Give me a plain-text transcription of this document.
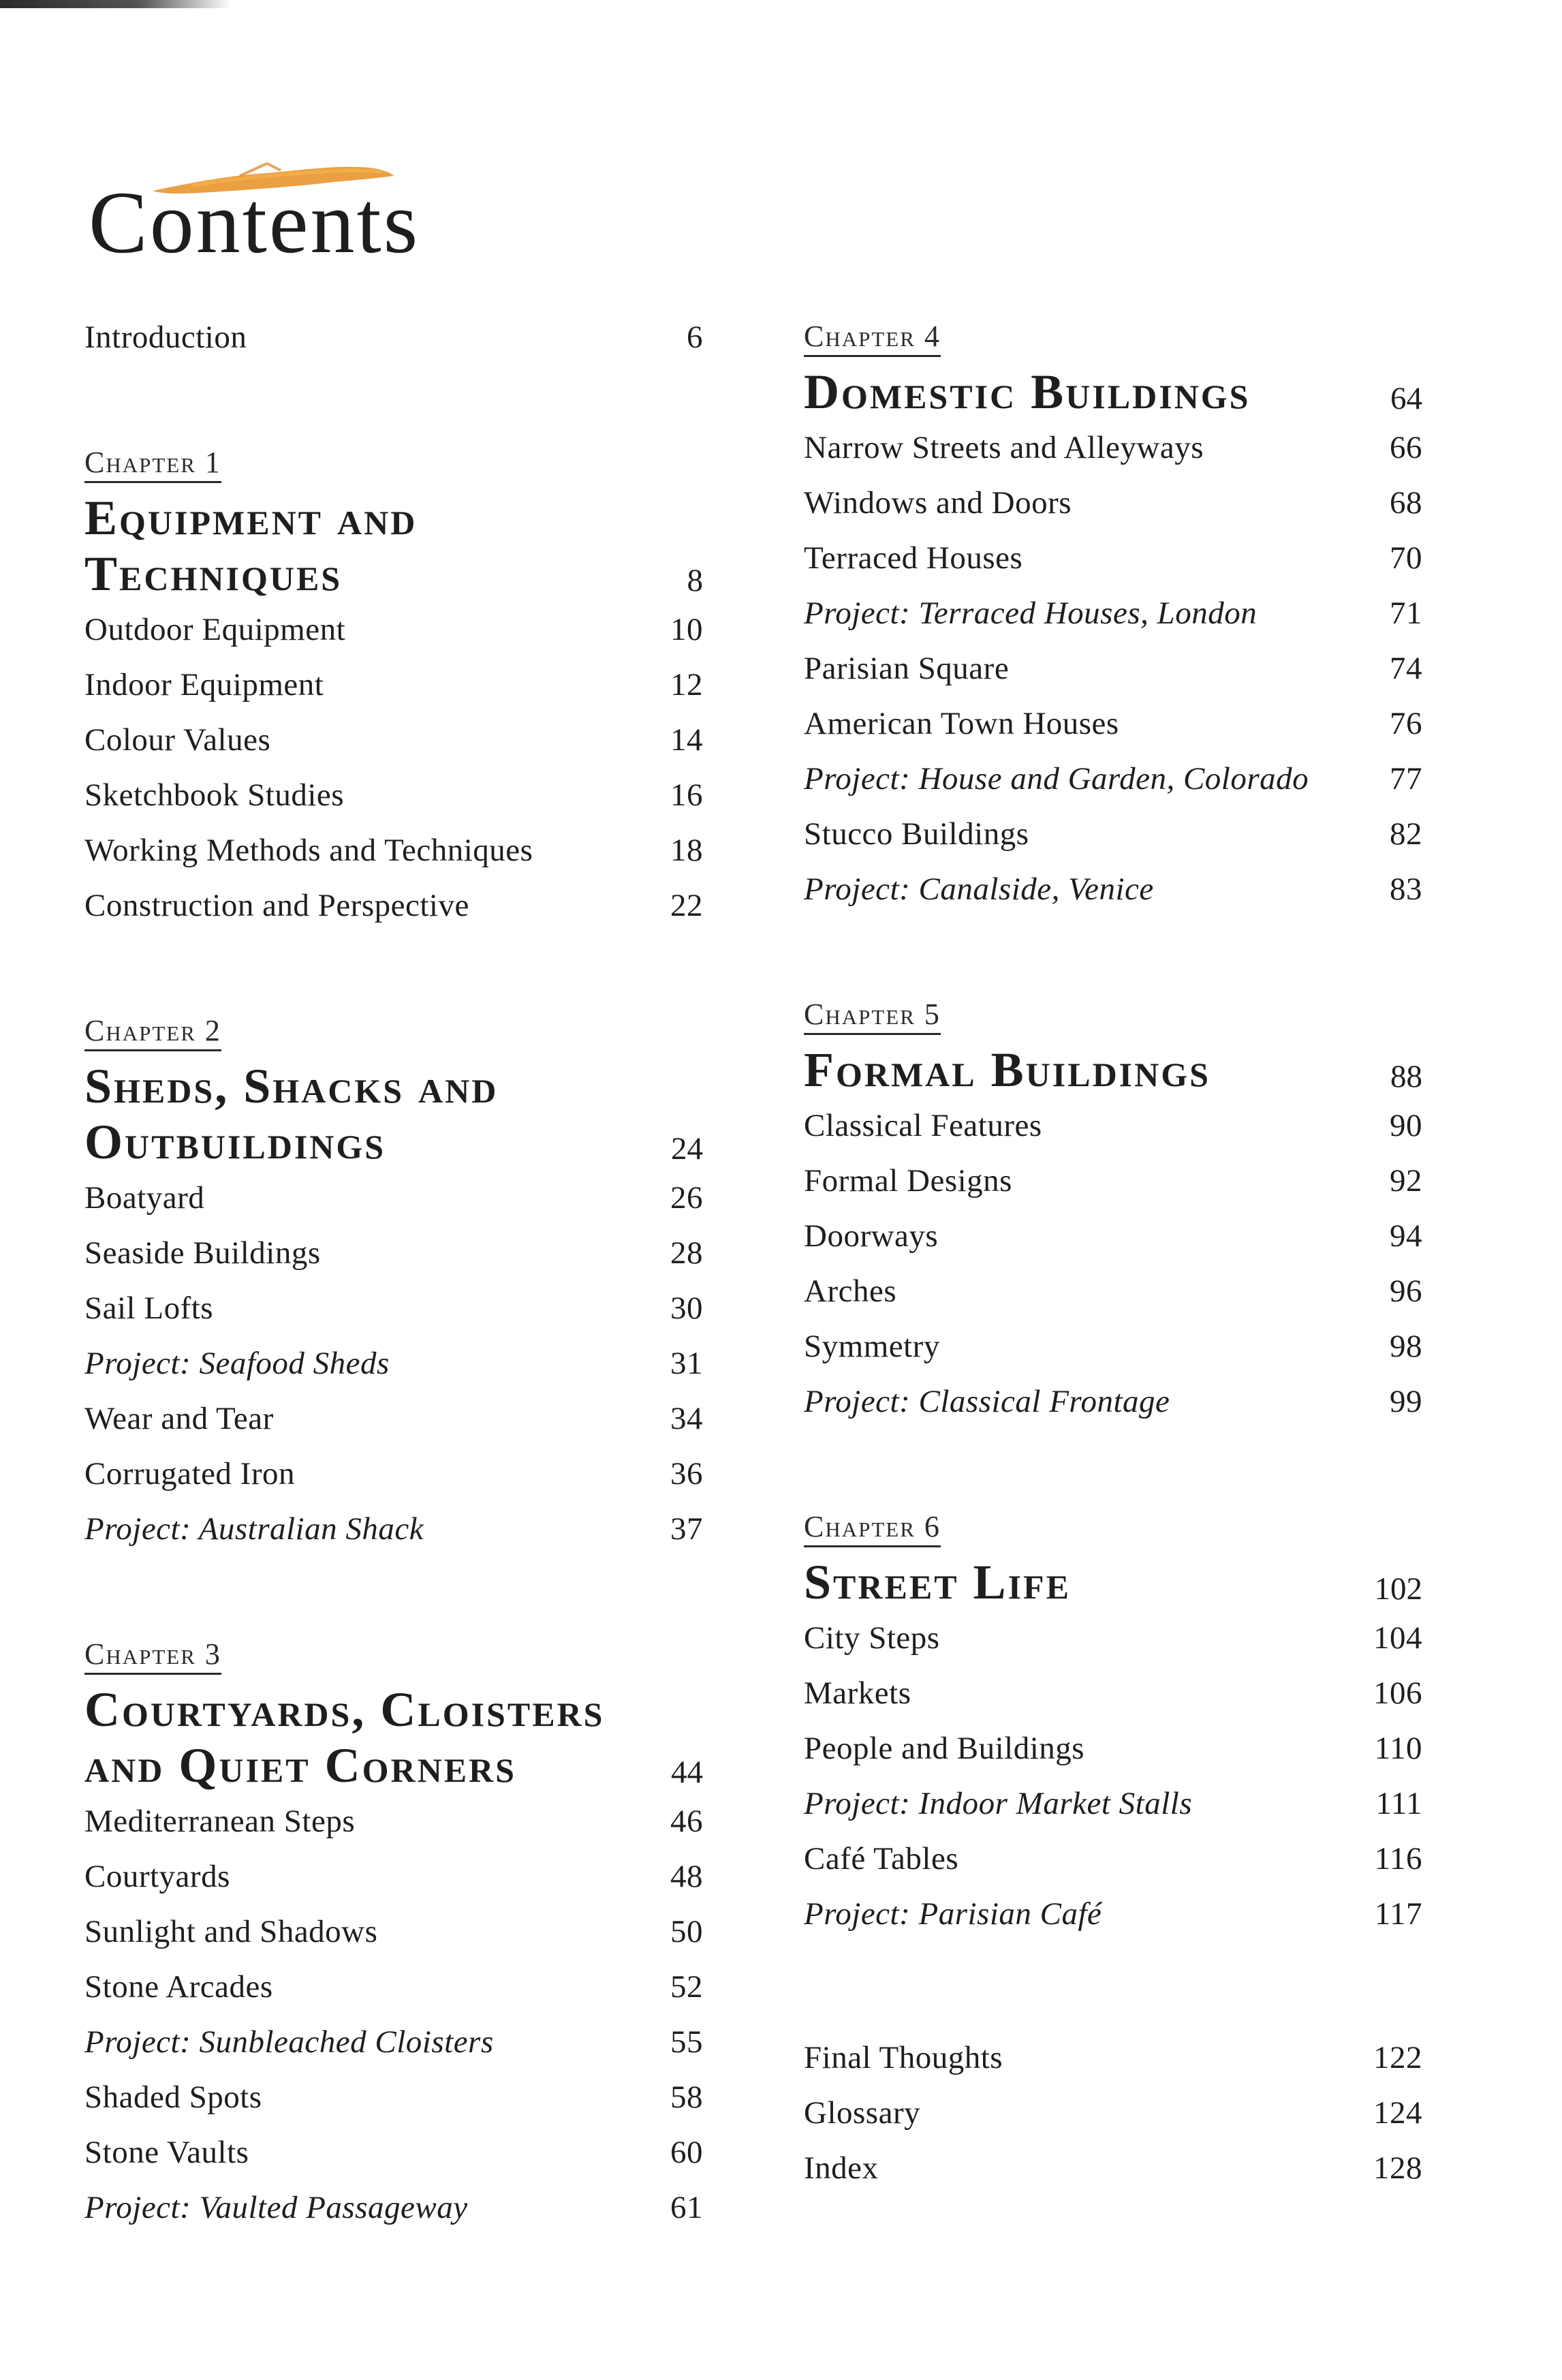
Contents
Introduction	6
Chapter 1
Equipment and
Techniques	8
Outdoor Equipment	10
Indoor Equipment	12
Colour Values	14
Sketchbook Studies	16
Working Methods and Techniques	18
Construction and Perspective	22
Chapter 2
Sheds, Shacks and
Outbuildings	24
Boatyard	26
Seaside Buildings	28
Sail Lofts	30
Project: Seafood Sheds	31
Wear and Tear	34
Corrugated Iron	36
Project: Australian Shack	37
Chapter 3
Courtyards, Cloisters
and Quiet Corners	44
Mediterranean Steps	46
Courtyards	48
Sunlight and Shadows	50
Stone Arcades	52
Project: Sunbleached Cloisters	55
Shaded Spots	58
Stone Vaults	60
Project: Vaulted Passageway	61
Chapter 4
Domestic Buildings	64
Narrow Streets and Alleyways	66
Windows and Doors	68
Terraced Houses	70
Project: Terraced Houses, London	71
Parisian Square	74
American Town Houses	76
Project: House and Garden, Colorado	77
Stucco Buildings	82
Project: Canalside, Venice	83
Chapter 5
Formal Buildings	88
Classical Features	90
Formal Designs	92
Doorways	94
Arches	96
Symmetry	98
Project: Classical Frontage	99
Chapter 6
Street Life	102
City Steps	104
Markets	106
People and Buildings	110
Project: Indoor Market Stalls	111
Café Tables	116
Project: Parisian Café	117
Final Thoughts	122
Glossary	124
Index	128
